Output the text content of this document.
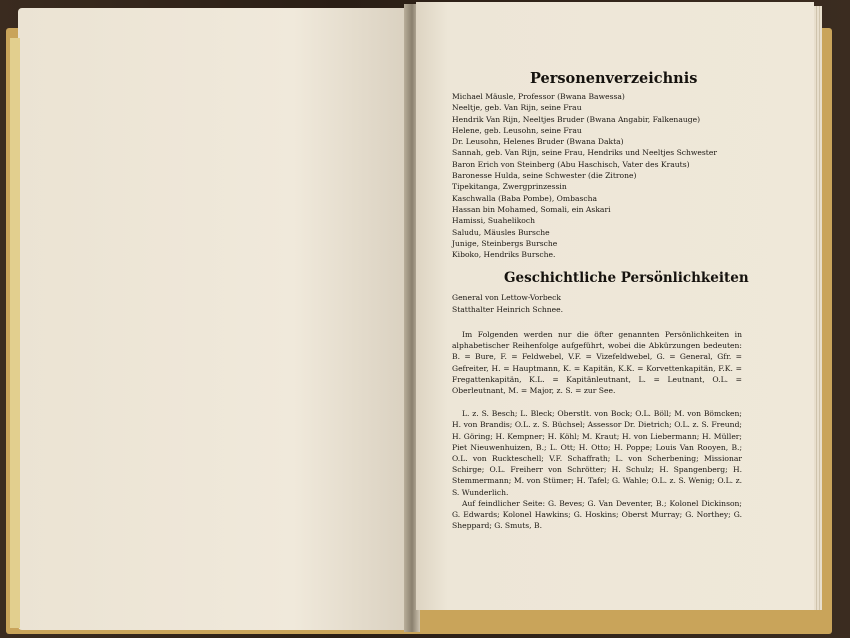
Personenverzeichnis
Michael Mäusle, Professor (Bwana Bawessa)
Neeltje, geb. Van Rijn, seine Frau
Hendrik Van Rijn, Neeltjes Bruder (Bwana Angabir, Falkenauge)
Helene, geb. Leusohn, seine Frau
Dr. Leusohn, Helenes Bruder (Bwana Dakta)
Sannah, geb. Van Rijn, seine Frau, Hendriks und Neeltjes Schwester
Baron Erich von Steinberg (Abu Haschisch, Vater des Krauts)
Baronesse Hulda, seine Schwester (die Zitrone)
Tipekitanga, Zwergprinzessin
Kaschwalla (Baba Pombe), Ombascha
Hassan bin Mohamed, Somali, ein Askari
Hamissi, Suahelikoch
Saludu, Mäusles Bursche
Junige, Steinbergs Bursche
Kiboko, Hendriks Bursche.
Geschichtliche Persönlichkeiten
General von Lettow-Vorbeck
Statthalter Heinrich Schnee.

Im Folgenden werden nur die öfter genannten Persönlichkeiten in alphabetischer Reihenfolge aufgeführt, wobei die Abkürzungen bedeuten: B. = Bure, F. = Feldwebel, V.F. = Vizefeldwebel, G. = General, Gfr. = Gefreiter, H. = Hauptmann, K. = Kapitän, K.K. = Korvettenkapitän, F.K. = Fregattenkapitän, K.L. = Kapitänleutnant, L. = Leutnant, O.L. = Oberleutnant, M. = Major, z. S. = zur See.

L. z. S. Besch; L. Bleck; Oberstlt. von Bock; O.L. Böll; M. von Bömcken; H. von Brandis; O.L. z. S. Büchsel; Assessor Dr. Dietrich; O.L. z. S. Freund; H. Göring; H. Kempner; H. Köhl; M. Kraut; H. von Liebermann; H. Müller; Piet Nieuwenhuizen, B.; L. Ott; H. Otto; H. Poppe; Louis Van Rooyen, B.; O.L. von Ruckteschell; V.F. Schaffrath; L. von Scherbening; Missionar Schirge; O.L. Freiherr von Schrötter; H. Schulz; H. Spangenberg; H. Stemmermann; M. von Stümer; H. Tafel; G. Wahle; O.L. z. S. Wenig; O.L. z. S. Wunderlich.

Auf feindlicher Seite: G. Beves; G. Van Deventer, B.; Kolonel Dickinson; G. Edwards; Kolonel Hawkins; G. Hoskins; Oberst Murray; G. Northey; G. Sheppard; G. Smuts, B.
